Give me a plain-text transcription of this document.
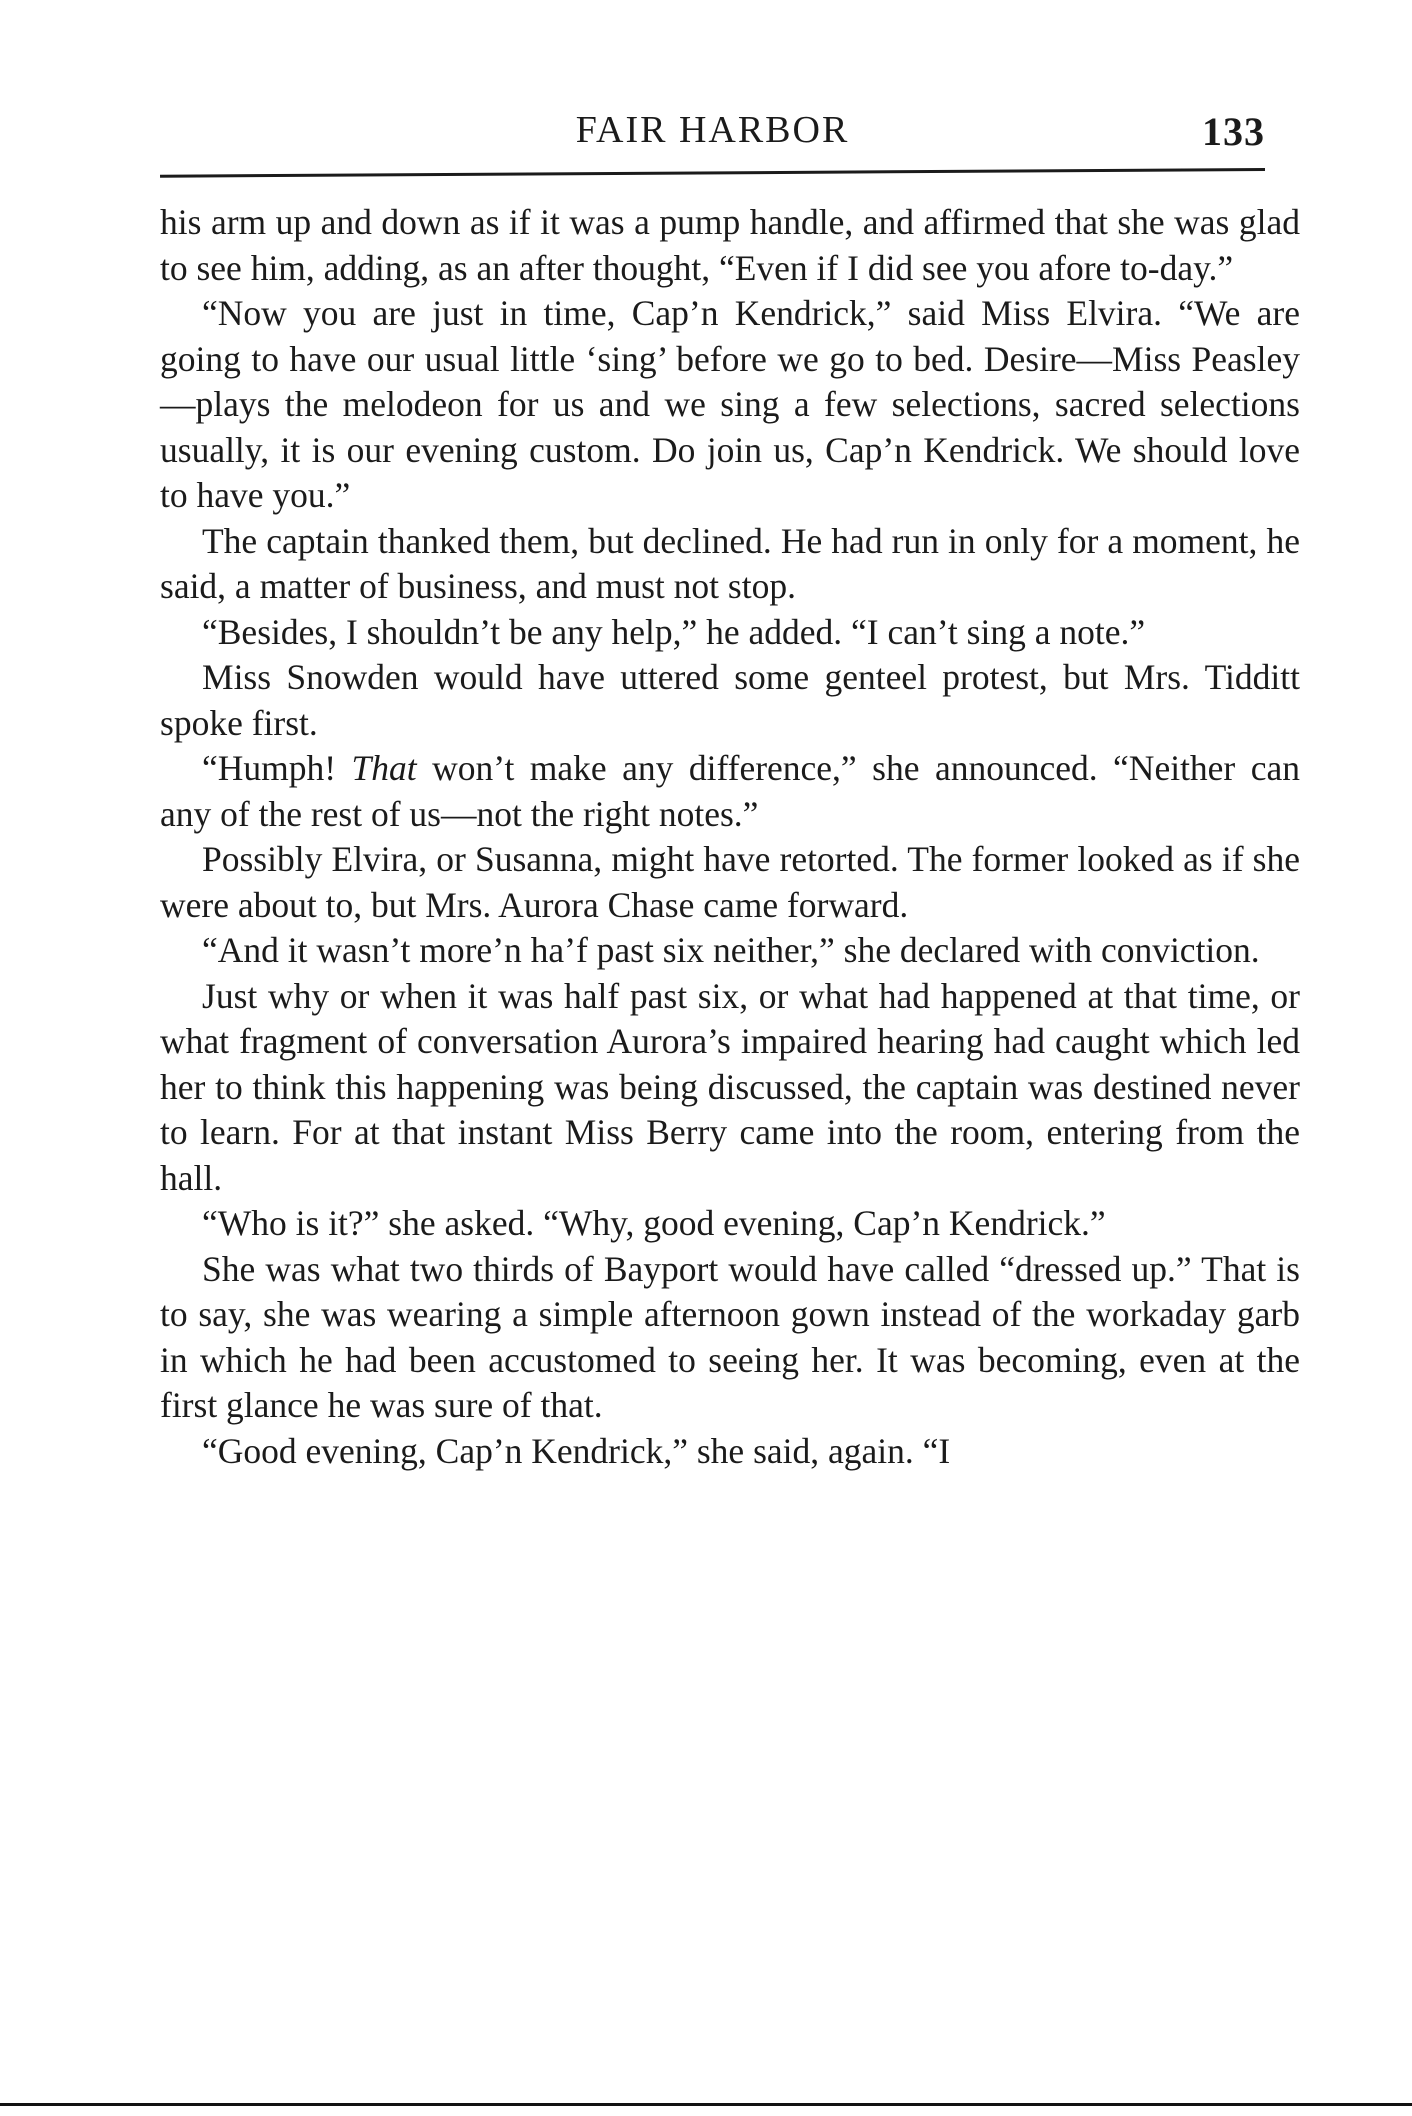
FAIR HARBOR	133

his arm up and down as if it was a pump handle, and affirmed that she was glad to see him, adding, as an after thought, “Even if I did see you afore to-day.”

“Now you are just in time, Cap’n Kendrick,” said Miss Elvira. “We are going to have our usual little ‘sing’ before we go to bed. Desire—Miss Peasley—plays the melodeon for us and we sing a few selections, sacred selections usually, it is our evening custom. Do join us, Cap’n Kendrick. We should love to have you.”

The captain thanked them, but declined. He had run in only for a moment, he said, a matter of business, and must not stop.

“Besides, I shouldn’t be any help,” he added. “I can’t sing a note.”

Miss Snowden would have uttered some genteel protest, but Mrs. Tidditt spoke first.

“Humph! That won’t make any difference,” she announced. “Neither can any of the rest of us—not the right notes.”

Possibly Elvira, or Susanna, might have retorted. The former looked as if she were about to, but Mrs. Aurora Chase came forward.

“And it wasn’t more’n ha’f past six neither,” she declared with conviction.

Just why or when it was half past six, or what had happened at that time, or what fragment of conversation Aurora’s impaired hearing had caught which led her to think this happening was being discussed, the captain was destined never to learn. For at that instant Miss Berry came into the room, entering from the hall.

“Who is it?” she asked. “Why, good evening, Cap’n Kendrick.”

She was what two thirds of Bayport would have called “dressed up.” That is to say, she was wearing a simple afternoon gown instead of the workaday garb in which he had been accustomed to seeing her. It was becoming, even at the first glance he was sure of that.

“Good evening, Cap’n Kendrick,” she said, again. “I
